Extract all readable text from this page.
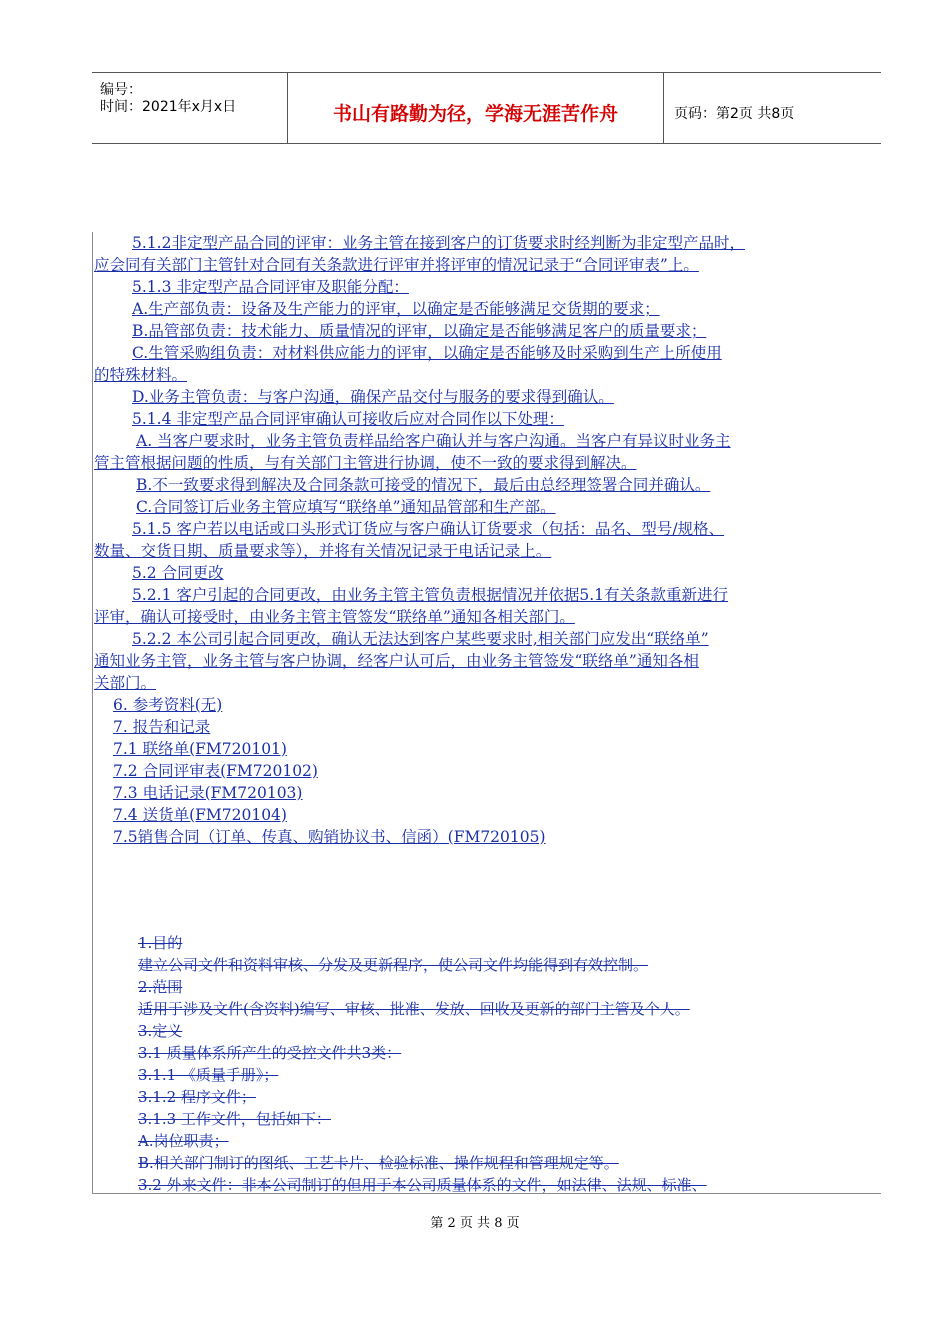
编号：
时间：2021年x月x日	书山有路勤为径，学海无涯苦作舟	页码：第2页 共8页

5.1.2非定型产品合同的评审：业务主管在接到客户的订货要求时经判断为非定型产品时，

应会同有关部门主管针对合同有关条款进行评审并将评审的情况记录于“合同评审表”上。

5.1.3 非定型产品合同评审及职能分配：

A.生产部负责：设备及生产能力的评审，以确定是否能够满足交货期的要求；

B.品管部负责：技术能力、质量情况的评审，以确定是否能够满足客户的质量要求；

C.生管采购组负责：对材料供应能力的评审，以确定是否能够及时采购到生产上所使用

的特殊材料。

D.业务主管负责：与客户沟通，确保产品交付与服务的要求得到确认。

5.1.4 非定型产品合同评审确认可接收后应对合同作以下处理：

A. 当客户要求时，业务主管负责样品给客户确认并与客户沟通。当客户有异议时业务主

管主管根据问题的性质，与有关部门主管进行协调，使不一致的要求得到解决。

B.不一致要求得到解决及合同条款可接受的情况下，最后由总经理签署合同并确认。

C.合同签订后业务主管应填写“联络单”通知品管部和生产部。

5.1.5 客户若以电话或口头形式订货应与客户确认订货要求（包括：品名、型号/规格、

数量、交货日期、质量要求等），并将有关情况记录于电话记录上。

5.2 合同更改

5.2.1 客户引起的合同更改，由业务主管主管负责根据情况并依据5.1有关条款重新进行

评审，确认可接受时，由业务主管主管签发“联络单”通知各相关部门。

5.2.2 本公司引起合同更改，确认无法达到客户某些要求时,相关部门应发出“联络单”

通知业务主管，业务主管与客户协调，经客户认可后，由业务主管签发“联络单”通知各相

关部门。

6. 参考资料(无)

7. 报告和记录

7.1 联络单(FM720101)

7.2 合同评审表(FM720102)

7.3 电话记录(FM720103)

7.4 送货单(FM720104)

7.5销售合同（订单、传真、购销协议书、信函）(FM720105)

1.目的

建立公司文件和资料审核、分发及更新程序，使公司文件均能得到有效控制。

2.范围

适用于涉及文件(含资料)编写、审核、批准、发放、回收及更新的部门主管及个人。

3.定义

3.1 质量体系所产生的受控文件共3类：

3.1.1 《质量手册》；

3.1.2 程序文件；

3.1.3 工作文件，包括如下：

A.岗位职责；

B.相关部门制订的图纸、工艺卡片、检验标准、操作规程和管理规定等。

3.2 外来文件：非本公司制订的但用于本公司质量体系的文件，如法律、法规、标准、

第 2 页 共 8 页
